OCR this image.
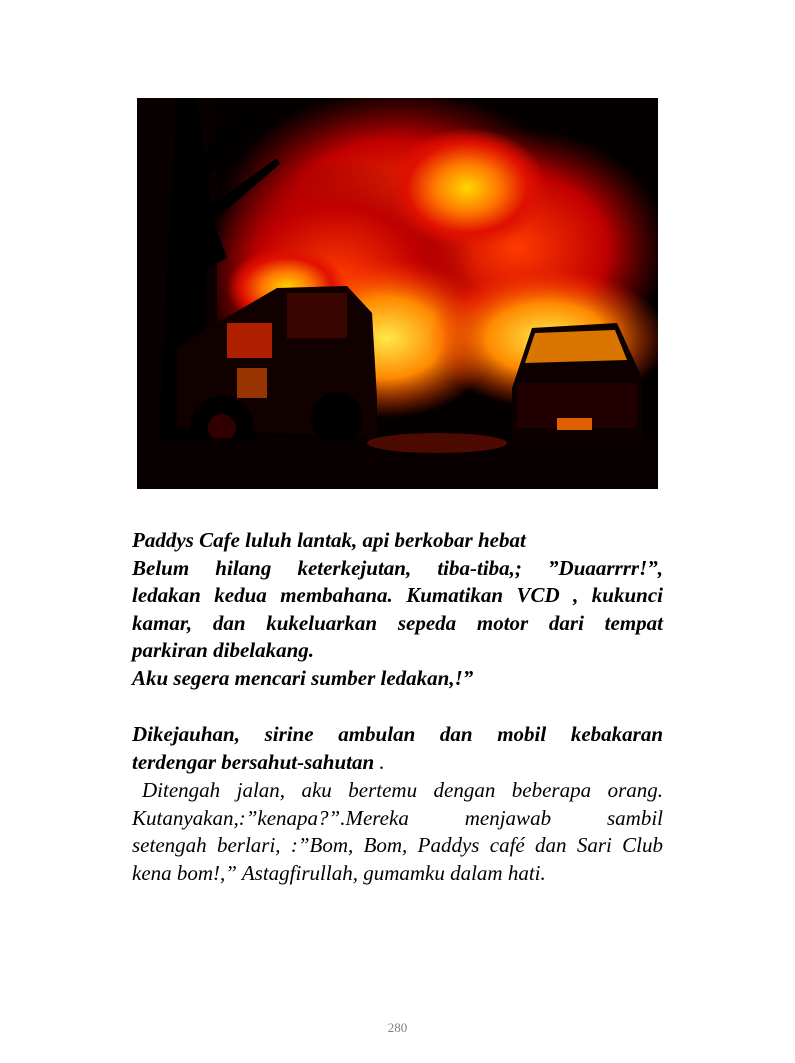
Paddys Cafe luluh lantak, api berkobar hebat
Belum hilang keterkejutan, tiba-tiba,; ”Duaarrrr!”,
ledakan kedua membahana. Kumatikan VCD , kukunci
kamar, dan kukeluarkan sepeda motor dari tempat
parkiran dibelakang.
Aku segera mencari sumber ledakan,!”
Dikejauhan, sirine ambulan dan mobil kebakaran
terdengar bersahut-sahutan .
Ditengah jalan, aku bertemu dengan beberapa orang.
Kutanyakan,:”kenapa?”.Mereka menjawab sambil
setengah berlari, :”Bom, Bom, Paddys café dan Sari Club
kena bom!,” Astagfirullah, gumamku dalam hati.
280
